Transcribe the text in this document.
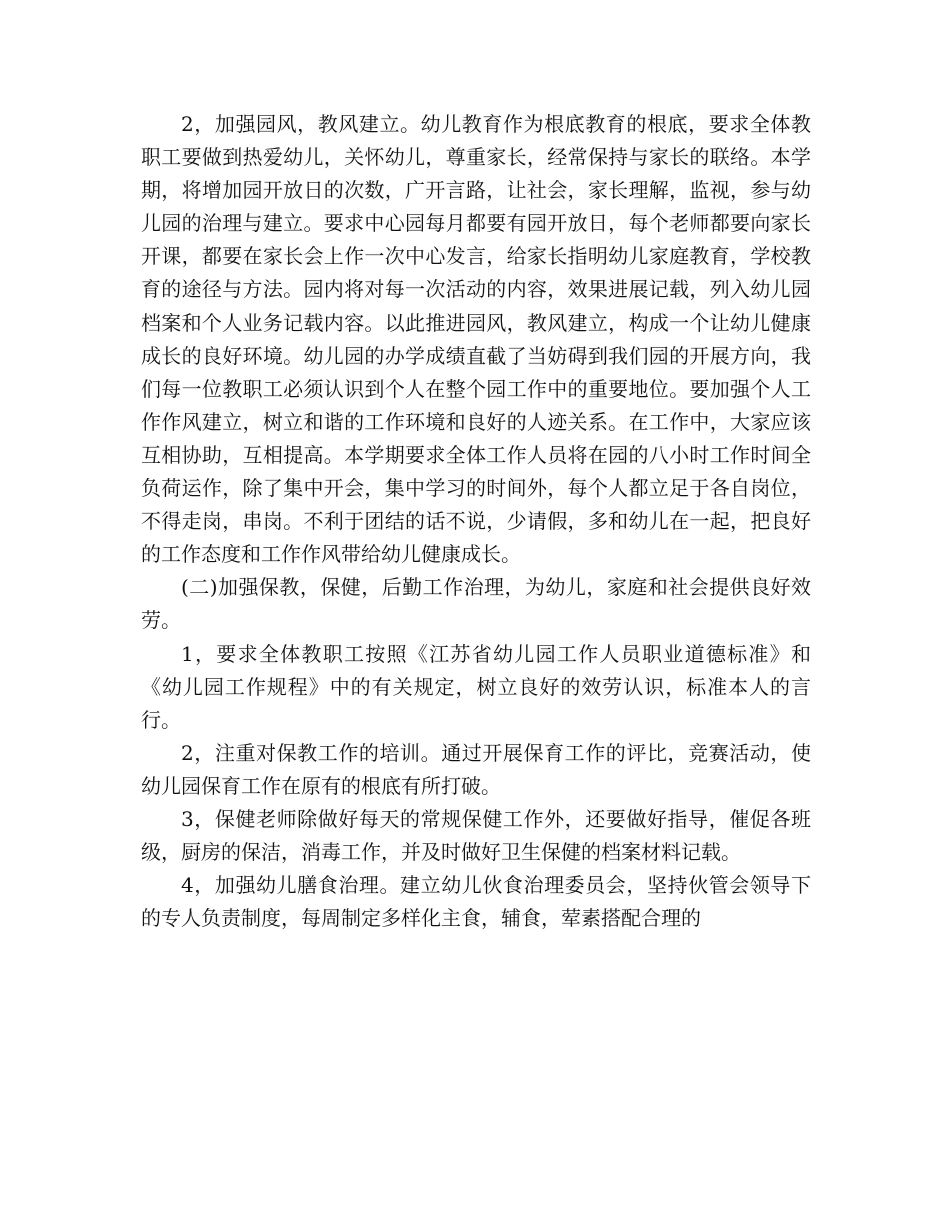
2，加强园风，教风建立。幼儿教育作为根底教育的根底，要求全体教职工要做到热爱幼儿，关怀幼儿，尊重家长，经常保持与家长的联络。本学期，将增加园开放日的次数，广开言路，让社会，家长理解，监视，参与幼儿园的治理与建立。要求中心园每月都要有园开放日，每个老师都要向家长开课，都要在家长会上作一次中心发言，给家长指明幼儿家庭教育，学校教育的途径与方法。园内将对每一次活动的内容，效果进展记载，列入幼儿园档案和个人业务记载内容。以此推进园风，教风建立，构成一个让幼儿健康成长的良好环境。幼儿园的办学成绩直截了当妨碍到我们园的开展方向，我们每一位教职工必须认识到个人在整个园工作中的重要地位。要加强个人工作作风建立，树立和谐的工作环境和良好的人迹关系。在工作中，大家应该互相协助，互相提高。本学期要求全体工作人员将在园的八小时工作时间全负荷运作，除了集中开会，集中学习的时间外，每个人都立足于各自岗位，不得走岗，串岗。不利于团结的话不说，少请假，多和幼儿在一起，把良好的工作态度和工作作风带给幼儿健康成长。

(二)加强保教，保健，后勤工作治理，为幼儿，家庭和社会提供良好效劳。

1，要求全体教职工按照《江苏省幼儿园工作人员职业道德标准》和《幼儿园工作规程》中的有关规定，树立良好的效劳认识，标准本人的言行。

2，注重对保教工作的培训。通过开展保育工作的评比，竞赛活动，使幼儿园保育工作在原有的根底有所打破。

3，保健老师除做好每天的常规保健工作外，还要做好指导，催促各班级，厨房的保洁，消毒工作，并及时做好卫生保健的档案材料记载。

4，加强幼儿膳食治理。建立幼儿伙食治理委员会，坚持伙管会领导下的专人负责制度，每周制定多样化主食，辅食，荤素搭配合理的
